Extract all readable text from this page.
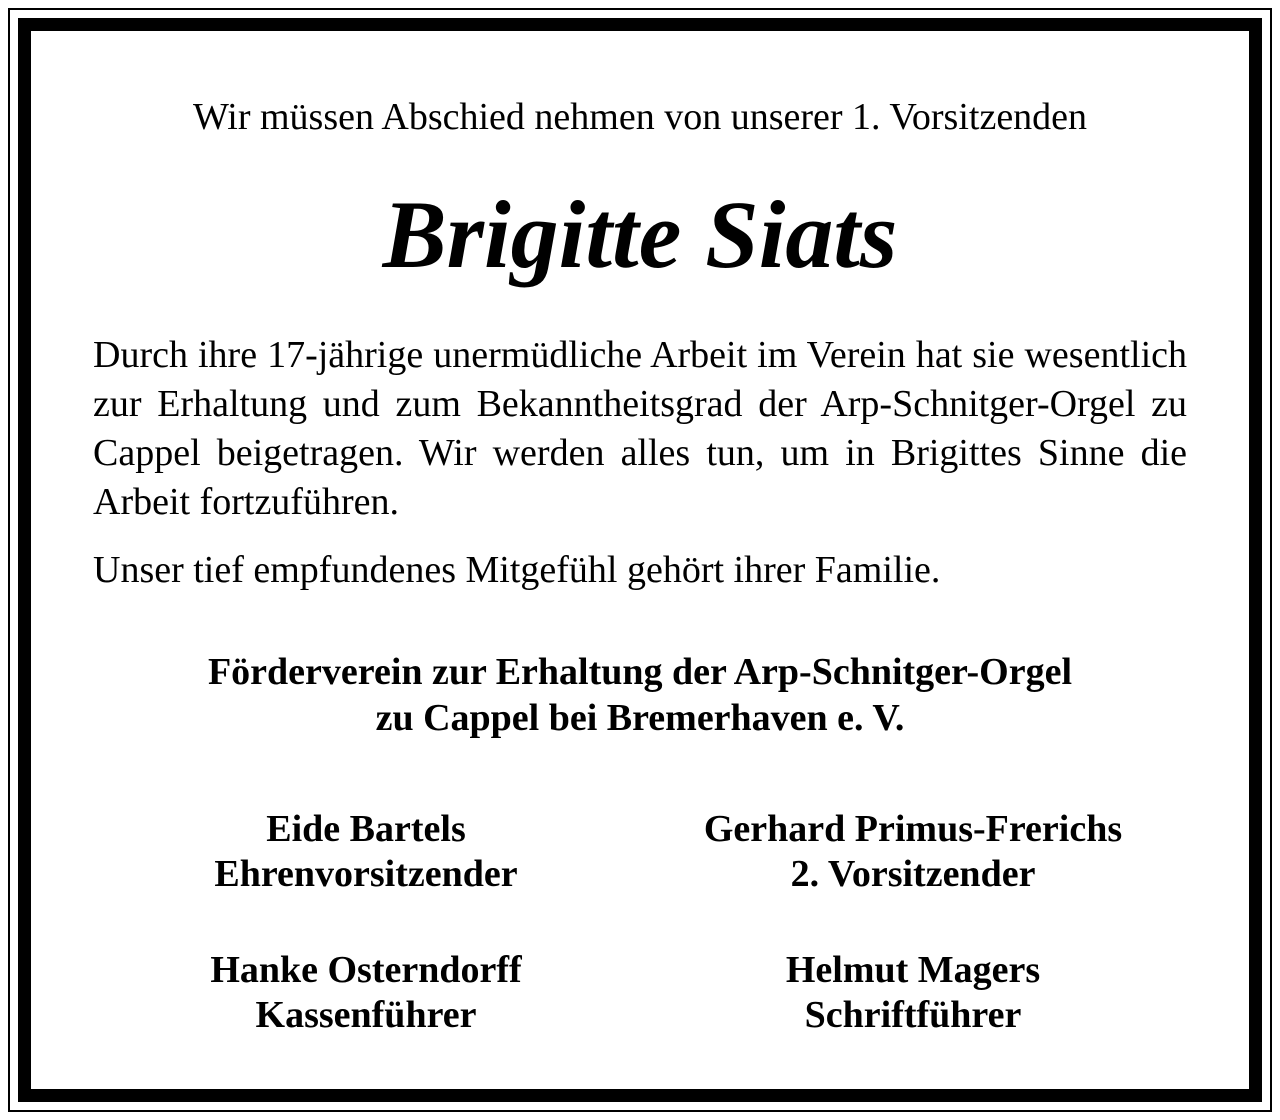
Wir müssen Abschied nehmen von unserer 1. Vorsitzenden
Brigitte Siats
Durch ihre 17-jährige unermüdliche Arbeit im Verein hat sie wesentlich zur Erhaltung und zum Bekanntheitsgrad der Arp-Schnitger-Orgel zu Cappel beigetragen. Wir werden alles tun, um in Brigittes Sinne die Arbeit fortzuführen.
Unser tief empfundenes Mitgefühl gehört ihrer Familie.
Förderverein zur Erhaltung der Arp-Schnitger-Orgel
zu Cappel bei Bremerhaven e. V.
Eide Bartels
Ehrenvorsitzender
Gerhard Primus-Frerichs
2. Vorsitzender
Hanke Osterndorff
Kassenführer
Helmut Magers
Schriftführer
